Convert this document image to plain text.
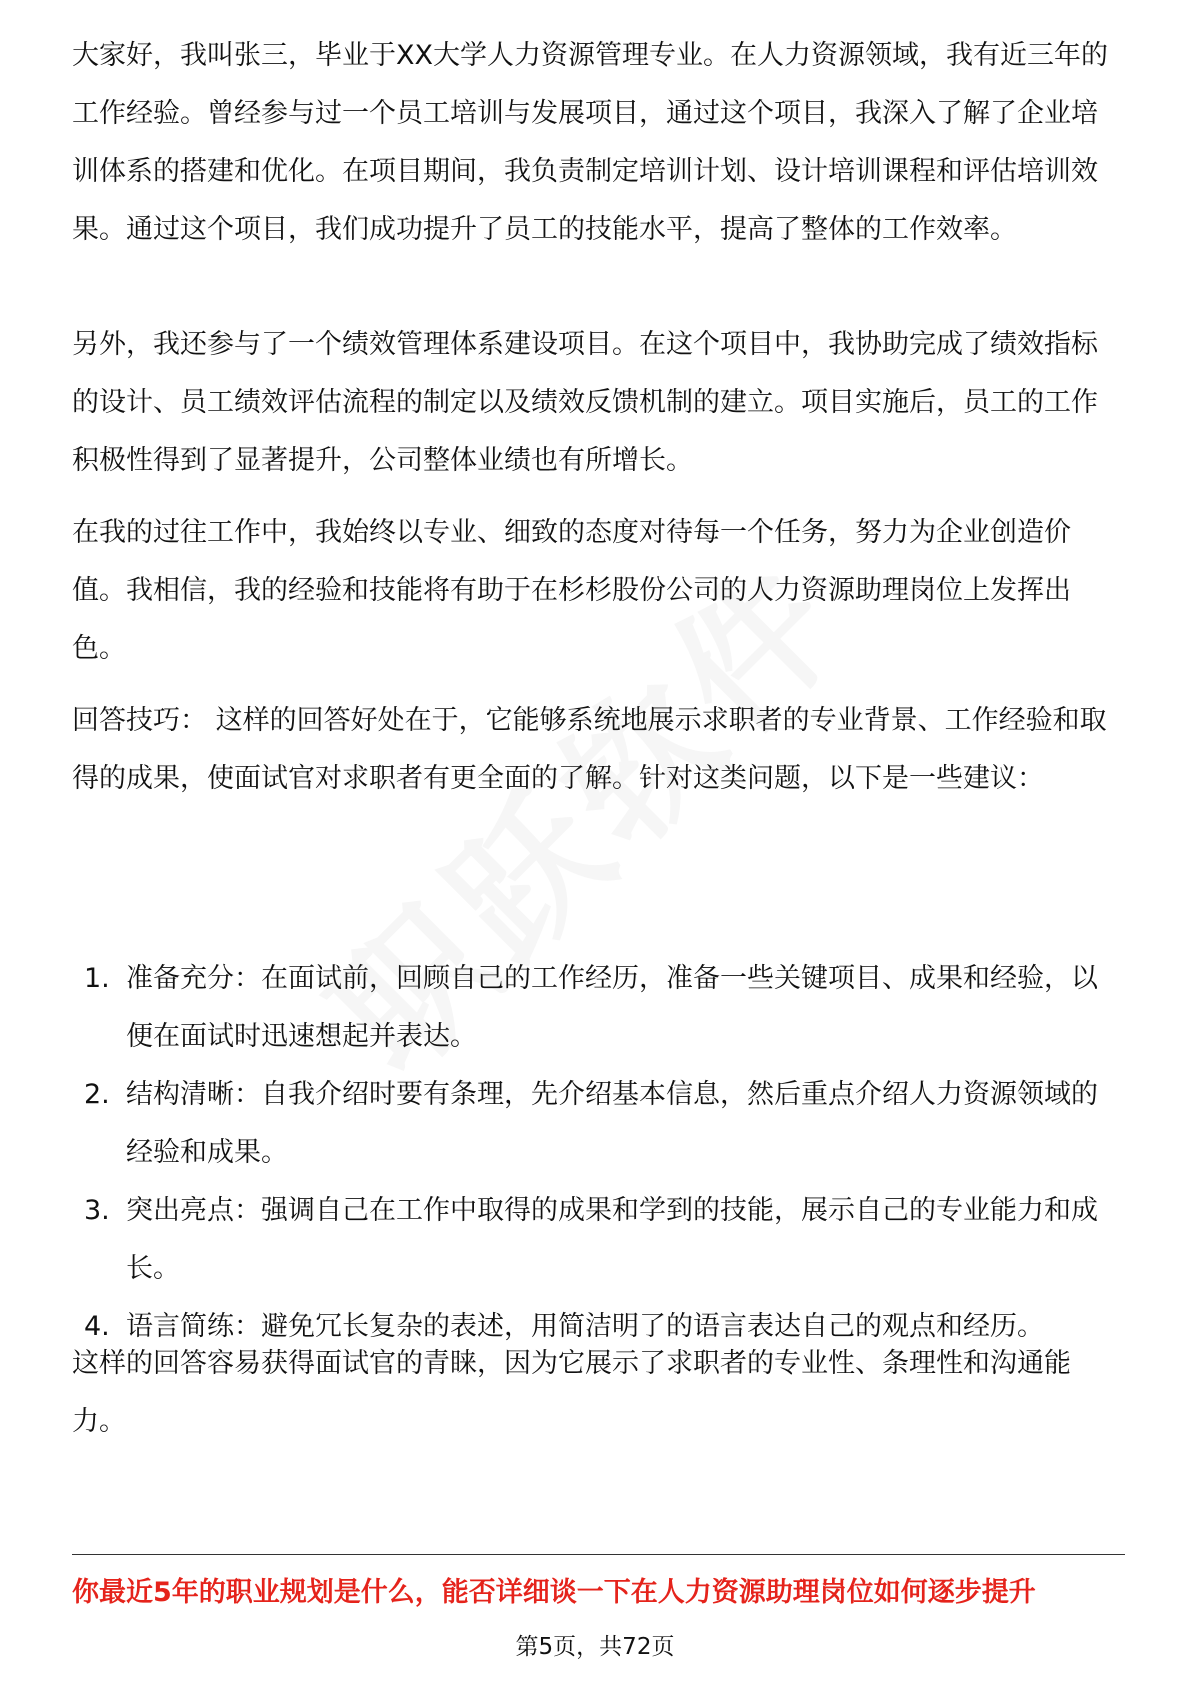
大家好，我叫张三，毕业于XX大学人力资源管理专业。在人力资源领域，我有近三年的工作经验。曾经参与过一个员工培训与发展项目，通过这个项目，我深入了解了企业培训体系的搭建和优化。在项目期间，我负责制定培训计划、设计培训课程和评估培训效果。通过这个项目，我们成功提升了员工的技能水平，提高了整体的工作效率。

另外，我还参与了一个绩效管理体系建设项目。在这个项目中，我协助完成了绩效指标的设计、员工绩效评估流程的制定以及绩效反馈机制的建立。项目实施后，员工的工作积极性得到了显著提升，公司整体业绩也有所增长。

在我的过往工作中，我始终以专业、细致的态度对待每一个任务，努力为企业创造价值。我相信，我的经验和技能将有助于在杉杉股份公司的人力资源助理岗位上发挥出色。

回答技巧： 这样的回答好处在于，它能够系统地展示求职者的专业背景、工作经验和取得的成果，使面试官对求职者有更全面的了解。针对这类问题，以下是一些建议：

1. 准备充分：在面试前，回顾自己的工作经历，准备一些关键项目、成果和经验，以便在面试时迅速想起并表达。
2. 结构清晰：自我介绍时要有条理，先介绍基本信息，然后重点介绍人力资源领域的经验和成果。
3. 突出亮点：强调自己在工作中取得的成果和学到的技能，展示自己的专业能力和成长。
4. 语言简练：避免冗长复杂的表述，用简洁明了的语言表达自己的观点和经历。

这样的回答容易获得面试官的青睐，因为它展示了求职者的专业性、条理性和沟通能力。

你最近5年的职业规划是什么，能否详细谈一下在人力资源助理岗位如何逐步提升
第5页，共72页
